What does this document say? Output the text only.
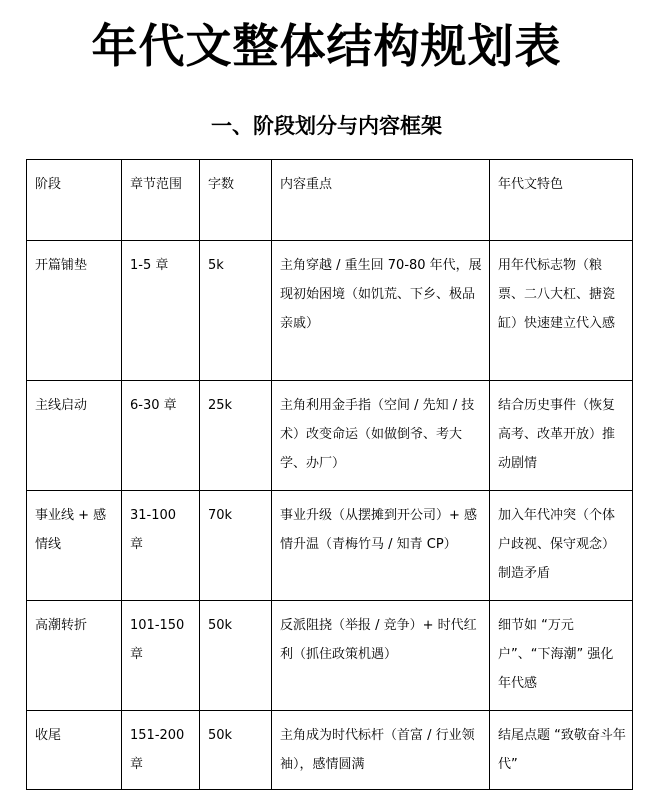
年代文整体结构规划表
一、阶段划分与内容框架
阶段	章节范围	字数	内容重点	年代文特色
开篇铺垫	1-5 章	5k	主角穿越 / 重生回 70-80 年代，展现初始困境（如饥荒、下乡、极品亲戚）	用年代标志物（粮票、二八大杠、搪瓷缸）快速建立代入感
主线启动	6-30 章	25k	主角利用金手指（空间 / 先知 / 技术）改变命运（如做倒爷、考大学、办厂）	结合历史事件（恢复高考、改革开放）推动剧情
事业线 + 感情线	31-100 章	70k	事业升级（从摆摊到开公司）+ 感情升温（青梅竹马 / 知青 CP）	加入年代冲突（个体户歧视、保守观念）制造矛盾
高潮转折	101-150 章	50k	反派阻挠（举报 / 竞争）+ 时代红利（抓住政策机遇）	细节如 “万元户”、“下海潮” 强化年代感
收尾	151-200 章	50k	主角成为时代标杆（首富 / 行业领袖），感情圆满	结尾点题 “致敬奋斗年代”
